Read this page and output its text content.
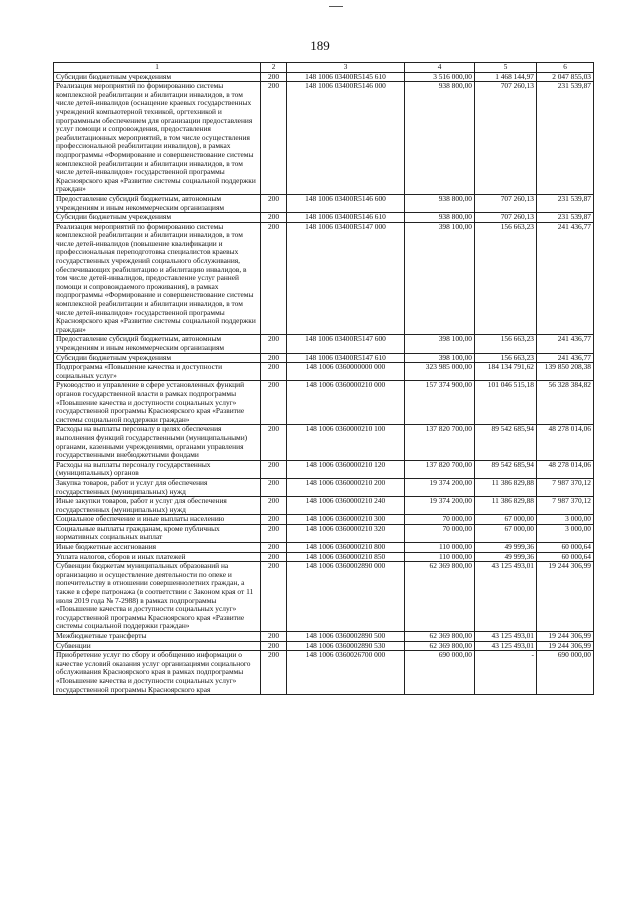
189
1	2	3	4	5	6
Субсидии бюджетным учреждениям	200	148 1006 03400R5145 610	3 516 000,00	1 468 144,97	2 047 855,03
Реализация мероприятий по формированию системы комплексной реабилитации и абилитации инвалидов, в том числе детей-инвалидов (оснащение краевых государственных учреждений компьютерной техникой, оргтехникой и программным обеспечением для организации предоставления услуг помощи и сопровождения, предоставления реабилитационных мероприятий, в том числе осуществления профессиональной реабилитации инвалидов), в рамках подпрограммы «Формирование и совершенствование системы комплексной реабилитации и абилитации инвалидов, в том числе детей-инвалидов» государственной программы Красноярского края «Развитие системы социальной поддержки граждан»	200	148 1006 03400R5146 000	938 800,00	707 260,13	231 539,87
Предоставление субсидий бюджетным, автономным учреждениям и иным некоммерческим организациям	200	148 1006 03400R5146 600	938 800,00	707 260,13	231 539,87
Субсидии бюджетным учреждениям	200	148 1006 03400R5146 610	938 800,00	707 260,13	231 539,87
Реализация мероприятий по формированию системы комплексной реабилитации и абилитации инвалидов, в том числе детей-инвалидов (повышение квалификации и профессиональная переподготовка специалистов краевых государственных учреждений социального обслуживания, обеспечивающих реабилитацию и абилитацию инвалидов, в том числе детей-инвалидов, предоставление услуг ранней помощи и сопровождаемого проживания), в рамках подпрограммы «Формирование и совершенствование системы комплексной реабилитации и абилитации инвалидов, в том числе детей-инвалидов» государственной программы Красноярского края «Развитие системы социальной поддержки граждан»	200	148 1006 03400R5147 000	398 100,00	156 663,23	241 436,77
Предоставление субсидий бюджетным, автономным учреждениям и иным некоммерческим организациям	200	148 1006 03400R5147 600	398 100,00	156 663,23	241 436,77
Субсидии бюджетным учреждениям	200	148 1006 03400R5147 610	398 100,00	156 663,23	241 436,77
Подпрограмма «Повышение качества и доступности социальных услуг»	200	148 1006 0360000000 000	323 985 000,00	184 134 791,62	139 850 208,38
Руководство и управление в сфере установленных функций органов государственной власти в рамках подпрограммы «Повышение качества и доступности социальных услуг» государственной программы Красноярского края «Развитие системы социальной поддержки граждан»	200	148 1006 0360000210 000	157 374 900,00	101 046 515,18	56 328 384,82
Расходы на выплаты персоналу в целях обеспечения выполнения функций государственными (муниципальными) органами, казенными учреждениями, органами управления государственными внебюджетными фондами	200	148 1006 0360000210 100	137 820 700,00	89 542 685,94	48 278 014,06
Расходы на выплаты персоналу государственных (муниципальных) органов	200	148 1006 0360000210 120	137 820 700,00	89 542 685,94	48 278 014,06
Закупка товаров, работ и услуг для обеспечения государственных (муниципальных) нужд	200	148 1006 0360000210 200	19 374 200,00	11 386 829,88	7 987 370,12
Иные закупки товаров, работ и услуг для обеспечения государственных (муниципальных) нужд	200	148 1006 0360000210 240	19 374 200,00	11 386 829,88	7 987 370,12
Социальное обеспечение и иные выплаты населению	200	148 1006 0360000210 300	70 000,00	67 000,00	3 000,00
Социальные выплаты гражданам, кроме публичных нормативных социальных выплат	200	148 1006 0360000210 320	70 000,00	67 000,00	3 000,00
Иные бюджетные ассигнования	200	148 1006 0360000210 800	110 000,00	49 999,36	60 000,64
Уплата налогов, сборов и иных платежей	200	148 1006 0360000210 850	110 000,00	49 999,36	60 000,64
Субвенции бюджетам муниципальных образований на организацию и осуществление деятельности по опеке и попечительству в отношении совершеннолетних граждан, а также в сфере патронажа (в соответствии с Законом края от 11 июля 2019 года № 7-2988) в рамках подпрограммы «Повышение качества и доступности социальных услуг» государственной программы Красноярского края «Развитие системы социальной поддержки граждан»	200	148 1006 0360002890 000	62 369 800,00	43 125 493,01	19 244 306,99
Межбюджетные трансферты	200	148 1006 0360002890 500	62 369 800,00	43 125 493,01	19 244 306,99
Субвенции	200	148 1006 0360002890 530	62 369 800,00	43 125 493,01	19 244 306,99
Приобретение услуг по сбору и обобщению информации о качестве условий оказания услуг организациями социального обслуживания Красноярского края в рамках подпрограммы «Повышение качества и доступности социальных услуг» государственной программы Красноярского края	200	148 1006 0360026700 000	690 000,00	-	690 000,00
